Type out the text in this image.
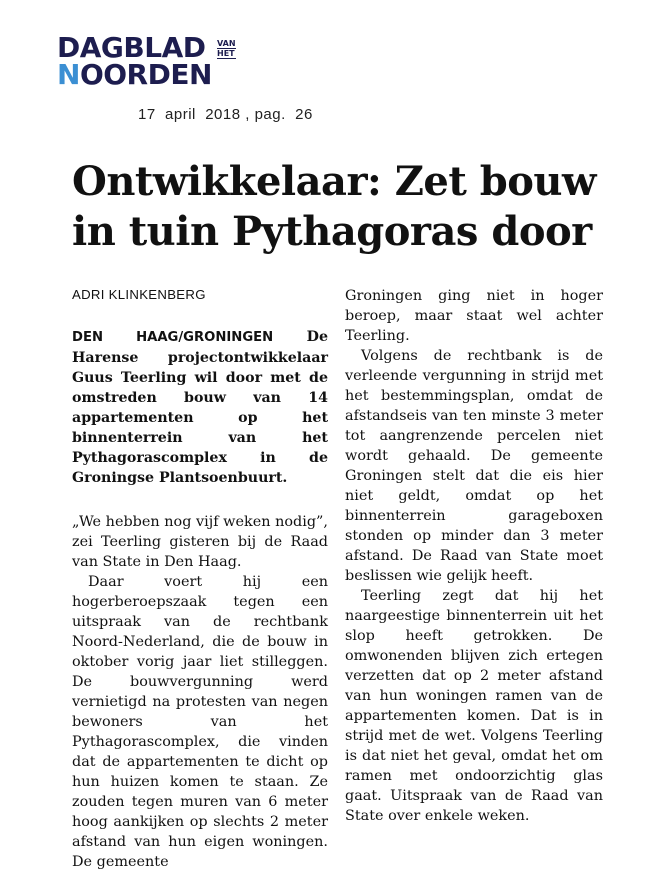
DAGBLAD
NOORDEN
VAN
HET
17  april  2018 , pag.  26
Ontwikkelaar: Zet bouw in tuin Pythagoras door

ADRI KLINKENBERG

DEN HAAG/GRONINGEN De Harense projectontwikkelaar Guus Teerling wil door met de omstreden bouw van 14 appartementen op het binnenterrein van het Pythagorascomplex in de Groningse Plantsoenbuurt.

„We hebben nog vijf weken nodig”, zei Teerling gisteren bij de Raad van State in Den Haag.

Daar voert hij een hogerberoepszaak tegen een uitspraak van de rechtbank Noord-Nederland, die de bouw in oktober vorig jaar liet stilleggen. De bouwvergunning werd vernietigd na protesten van negen bewoners van het Pythagorascomplex, die vinden dat de appartementen te dicht op hun huizen komen te staan. Ze zouden tegen muren van 6 meter hoog aankijken op slechts 2 meter afstand van hun eigen woningen. De gemeente

Groningen ging niet in hoger beroep, maar staat wel achter Teerling.

Volgens de rechtbank is de verleende vergunning in strijd met het bestemmingsplan, omdat de afstandseis van ten minste 3 meter tot aangrenzende percelen niet wordt gehaald. De gemeente Groningen stelt dat die eis hier niet geldt, omdat op het binnenterrein garageboxen stonden op minder dan 3 meter afstand. De Raad van State moet beslissen wie gelijk heeft.

Teerling zegt dat hij het naargeestige binnenterrein uit het slop heeft getrokken. De omwonenden blijven zich ertegen verzetten dat op 2 meter afstand van hun woningen ramen van de appartementen komen. Dat is in strijd met de wet. Volgens Teerling is dat niet het geval, omdat het om ramen met ondoorzichtig glas gaat. Uitspraak van de Raad van State over enkele weken.
